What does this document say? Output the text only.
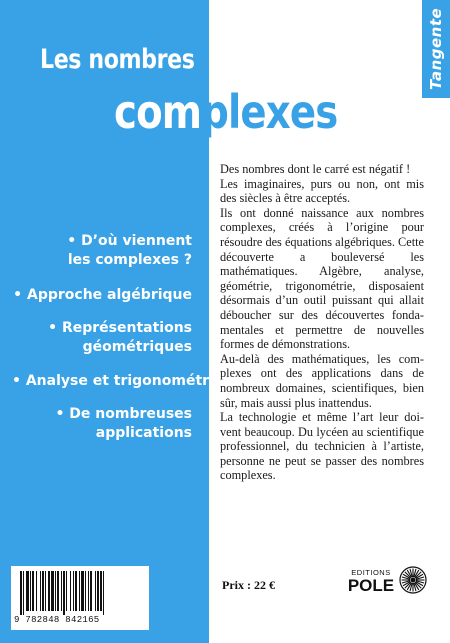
Tangente
Les nombres
complexes
• D’où viennent
les complexes ?
• Approche algébrique
• Représentations
géométriques
• Analyse et trigonométrie
• De nombreuses
applications

Des nombres dont le carré est négatif !
Les imaginaires, purs ou non, ont mis des siècles à être acceptés.

Ils ont donné naissance aux nombres complexes, créés à l’origine pour résoudre des équations algébriques. Cette découverte a bouleversé les mathématiques. Algèbre, analyse, géométrie, trigonométrie, disposaient désormais d’un outil puissant qui allait déboucher sur des découvertes fonda-mentales et permettre de nouvelles formes de démonstrations.

Au-delà des mathématiques, les com-plexes ont des applications dans de nombreux domaines, scientifiques, bien sûr, mais aussi plus inattendus.

La technologie et même l’art leur doi-vent beaucoup. Du lycéen au scientifique professionnel, du technicien à l’artiste, personne ne peut se passer des nombres complexes.

9 782848 842165
Prix : 22 €
EDITIONS
POLE
